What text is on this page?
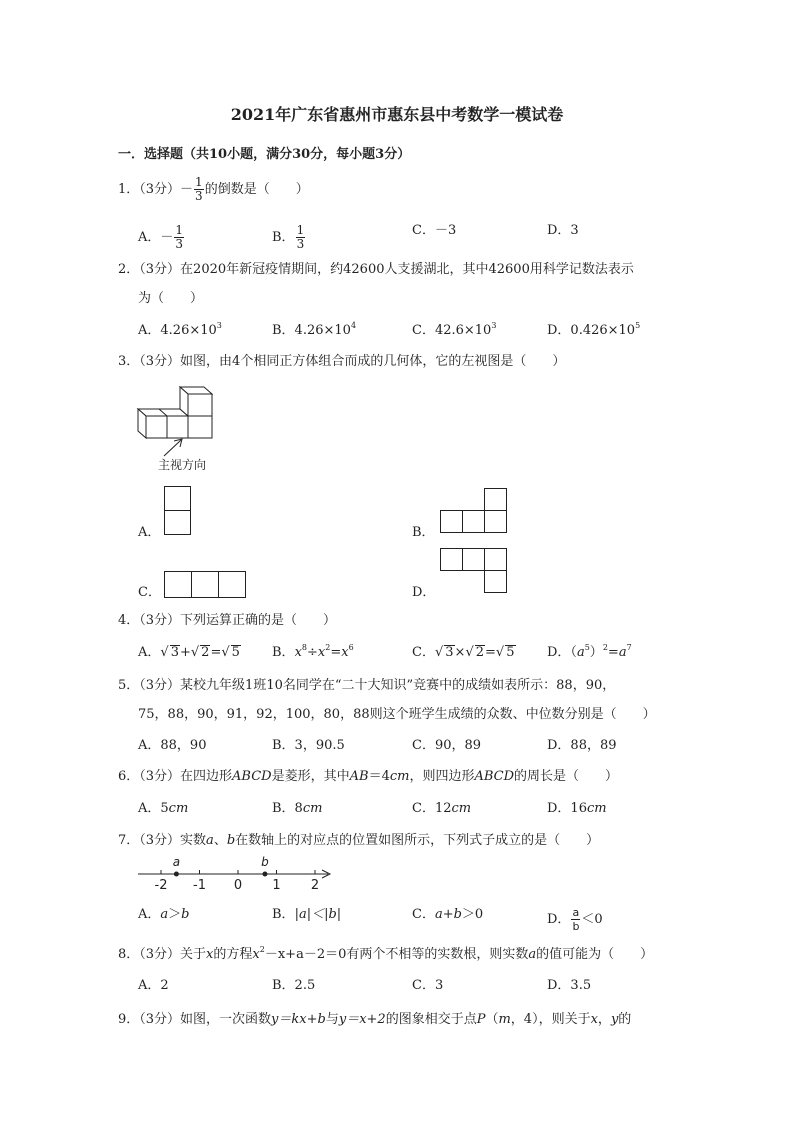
2021年广东省惠州市惠东县中考数学一模试卷
一．选择题（共10小题，满分30分，每小题3分）
1．（3分）－ $\frac{1}{3}$ 的倒数是（　　）
A．－ $\frac{1}{3}$	B． $\frac{1}{3}$	C．－3	D．3
2．（3分）在2020年新冠疫情期间，约42600人支援湖北，其中42600用科学记数法表示
为（　　）
A．$4.26\times 10^3$	B．$4.26\times 10^4$	C．$42.6\times 10^3$	D．$0.426\times 10^5$
3．（3分）如图，由4个相同正方体组合而成的几何体，它的左视图是（　　）
主视方向
A．	B．
C．	D．
4．（3分）下列运算正确的是（　　）
A．√ 3+√ 2=√ 5 B．$x^8\div x^2=x^6$	C．√ 3×√ 2=√ 5	D．$(a^5)^2=a^7$
5．（3分）某校九年级1班10名同学在“二十大知识”竞赛中的成绩如表所示：88，90，
75，88，90，91，92，100，80，88则这个班学生成绩的众数、中位数分别是（　　）
A．88，90	B．3，90.5	C．90，89	D．88，89
6．（3分）在四边形ABCD是菱形，其中AB＝4cm，则四边形ABCD的周长是（　　）
A．5cm	B．8cm	C．12cm	D．16cm
7．（3分）实数a、b在数轴上的对应点的位置如图所示，下列式子成立的是（　　）
-2 -1 0 1 2
a	b
A．a＞b	B．|a|＜|b|	C．a+b＞0	D． $\frac{a}{b} <0$
8．（3分）关于x的方程$x^2-x+a-2=0$有两个不相等的实数根，则实数a的值可能为（　　）
A．2	B．2.5	C．3	D．3.5
9．（3分）如图，一次函数y＝kx+b与y＝x+2的图象相交于点P（m，4），则关于x，y的
